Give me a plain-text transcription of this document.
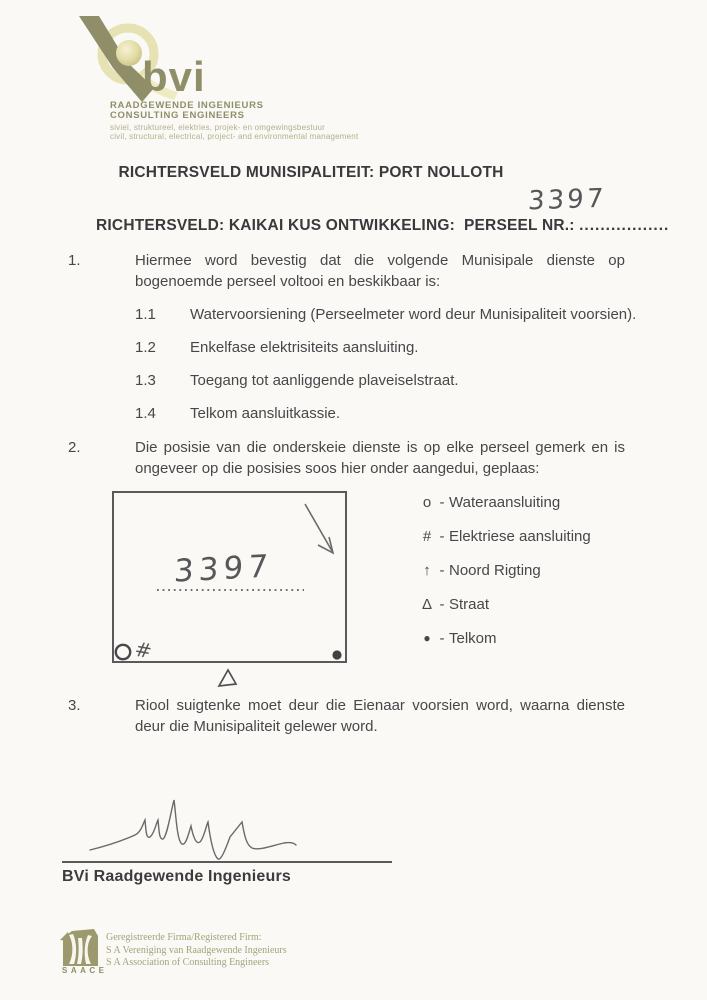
bvi
RAADGEWENDE INGENIEURS
CONSULTING ENGINEERS
siviel, struktureel, elektries, projek- en omgewingsbestuur
civil, structural, electrical, project- and environmental management
RICHTERSVELD MUNISIPALITEIT: PORT NOLLOTH

RICHTERSVELD: KAIKAI KUS ONTWIKKELING:  PERSEEL NR.: .................

3397
1.	Hiermee word bevestig dat die volgende Munisipale dienste op bogenoemde perseel voltooi en beskikbaar is:
1.1	Watervoorsiening (Perseelmeter word deur Munisipaliteit voorsien).
1.2	Enkelfase elektrisiteits aansluiting.
1.3	Toegang tot aanliggende plaveiselstraat.
1.4	Telkom aansluitkassie.
2.	Die posisie van die onderskeie dienste is op elke perseel gemerk en is ongeveer op die posisies soos hier onder aangedui, geplaas:
3397
#
o - Wateraansluiting
# - Elektriese aansluiting
↑ - Noord Rigting
Δ - Straat
● - Telkom
3.	Riool suigtenke moet deur die Eienaar voorsien word, waarna dienste deur die Munisipaliteit gelewer word.
BVi Raadgewende Ingenieurs
SAACE
Geregistreerde Firma/Registered Firm:
S A Vereniging van Raadgewende Ingenieurs
S A Association of Consulting Engineers
